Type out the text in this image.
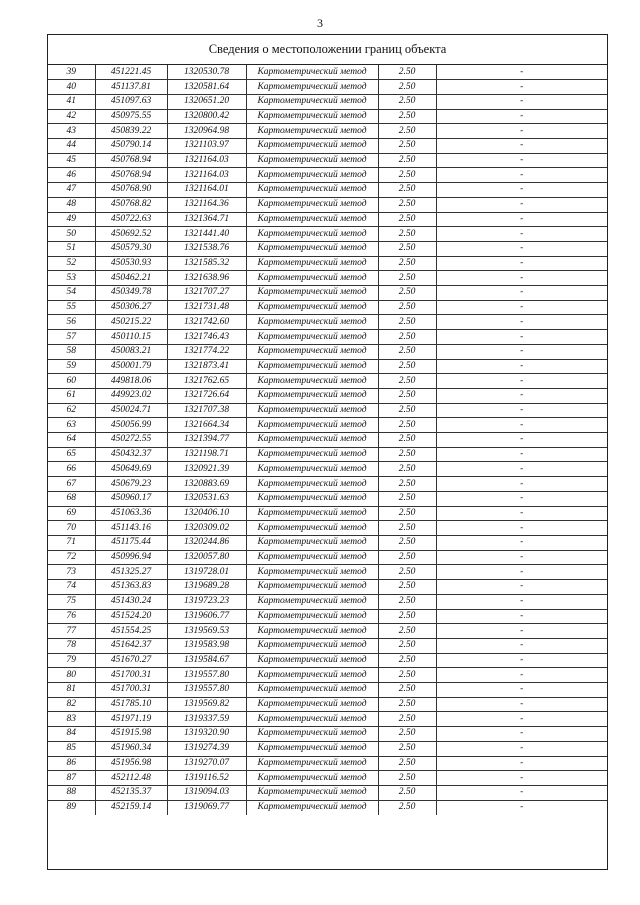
3
Сведения о местоположении границ объекта
39	451221.45	1320530.78	Картометрический метод	2.50	-
40	451137.81	1320581.64	Картометрический метод	2.50	-
41	451097.63	1320651.20	Картометрический метод	2.50	-
42	450975.55	1320800.42	Картометрический метод	2.50	-
43	450839.22	1320964.98	Картометрический метод	2.50	-
44	450790.14	1321103.97	Картометрический метод	2.50	-
45	450768.94	1321164.03	Картометрический метод	2.50	-
46	450768.94	1321164.03	Картометрический метод	2.50	-
47	450768.90	1321164.01	Картометрический метод	2.50	-
48	450768.82	1321164.36	Картометрический метод	2.50	-
49	450722.63	1321364.71	Картометрический метод	2.50	-
50	450692.52	1321441.40	Картометрический метод	2.50	-
51	450579.30	1321538.76	Картометрический метод	2.50	-
52	450530.93	1321585.32	Картометрический метод	2.50	-
53	450462.21	1321638.96	Картометрический метод	2.50	-
54	450349.78	1321707.27	Картометрический метод	2.50	-
55	450306.27	1321731.48	Картометрический метод	2.50	-
56	450215.22	1321742.60	Картометрический метод	2.50	-
57	450110.15	1321746.43	Картометрический метод	2.50	-
58	450083.21	1321774.22	Картометрический метод	2.50	-
59	450001.79	1321873.41	Картометрический метод	2.50	-
60	449818.06	1321762.65	Картометрический метод	2.50	-
61	449923.02	1321726.64	Картометрический метод	2.50	-
62	450024.71	1321707.38	Картометрический метод	2.50	-
63	450056.99	1321664.34	Картометрический метод	2.50	-
64	450272.55	1321394.77	Картометрический метод	2.50	-
65	450432.37	1321198.71	Картометрический метод	2.50	-
66	450649.69	1320921.39	Картометрический метод	2.50	-
67	450679.23	1320883.69	Картометрический метод	2.50	-
68	450960.17	1320531.63	Картометрический метод	2.50	-
69	451063.36	1320406.10	Картометрический метод	2.50	-
70	451143.16	1320309.02	Картометрический метод	2.50	-
71	451175.44	1320244.86	Картометрический метод	2.50	-
72	450996.94	1320057.80	Картометрический метод	2.50	-
73	451325.27	1319728.01	Картометрический метод	2.50	-
74	451363.83	1319689.28	Картометрический метод	2.50	-
75	451430.24	1319723.23	Картометрический метод	2.50	-
76	451524.20	1319606.77	Картометрический метод	2.50	-
77	451554.25	1319569.53	Картометрический метод	2.50	-
78	451642.37	1319583.98	Картометрический метод	2.50	-
79	451670.27	1319584.67	Картометрический метод	2.50	-
80	451700.31	1319557.80	Картометрический метод	2.50	-
81	451700.31	1319557.80	Картометрический метод	2.50	-
82	451785.10	1319569.82	Картометрический метод	2.50	-
83	451971.19	1319337.59	Картометрический метод	2.50	-
84	451915.98	1319320.90	Картометрический метод	2.50	-
85	451960.34	1319274.39	Картометрический метод	2.50	-
86	451956.98	1319270.07	Картометрический метод	2.50	-
87	452112.48	1319116.52	Картометрический метод	2.50	-
88	452135.37	1319094.03	Картометрический метод	2.50	-
89	452159.14	1319069.77	Картометрический метод	2.50	-
